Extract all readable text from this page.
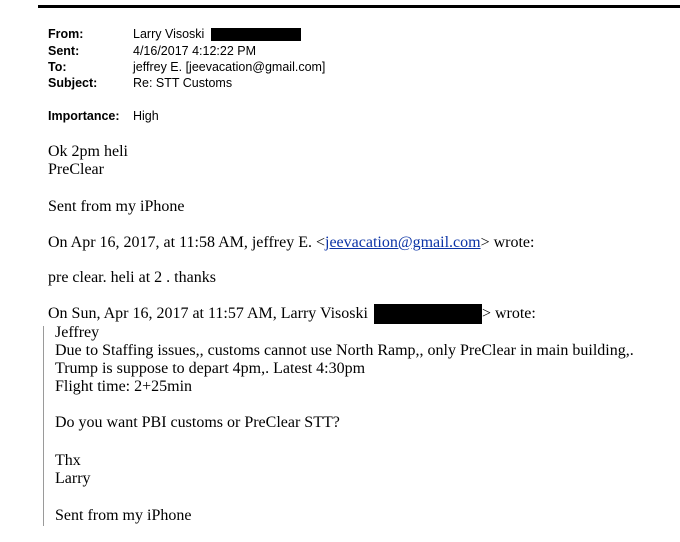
From:	Larry Visoski
Sent:	4/16/2017 4:12:22 PM
To:	jeffrey E. [jeevacation@gmail.com]
Subject:	Re: STT Customs
Importance: High
Ok 2pm heli
PreClear
Sent from my iPhone
On Apr 16, 2017, at 11:58 AM, jeffrey E. <jeevacation@gmail.com> wrote:
pre clear. heli at 2 . thanks
On Sun, Apr 16, 2017 at 11:57 AM, Larry Visoski	> wrote:
Jeffrey
Due to Staffing issues,, customs cannot use North Ramp,, only PreClear in main building,.
Trump is suppose to depart 4pm,. Latest 4:30pm
Flight time: 2+25min
Do you want PBI customs or PreClear STT?
Thx
Larry
Sent from my iPhone
